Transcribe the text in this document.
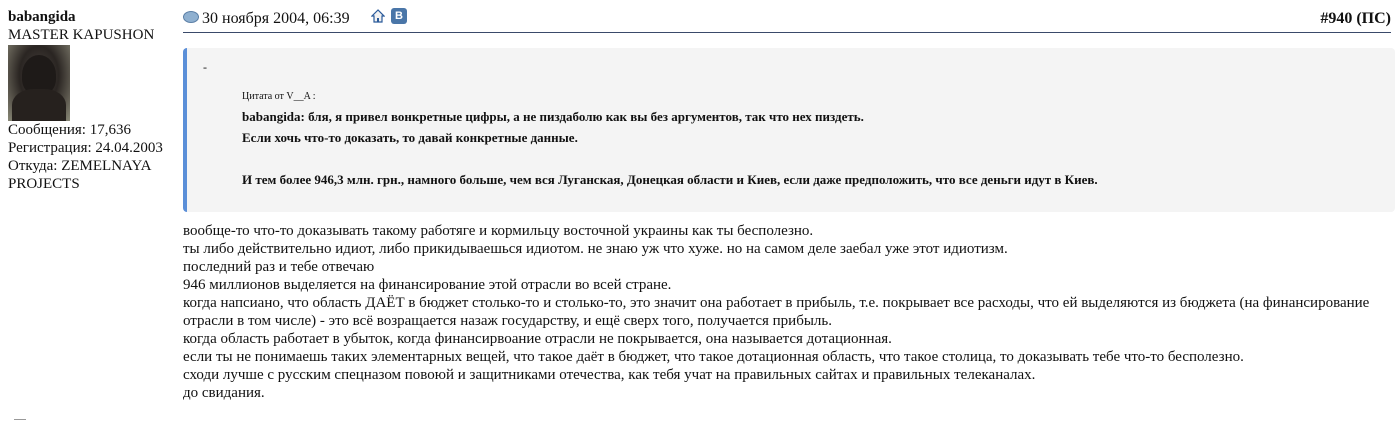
babangida
MASTER KAPUSHON

Сообщения: 17,636

Регистрация: 24.04.2003

Откуда: ZEMELNAYA PROJECTS

30 ноября 2004, 06:39	В	#940 (ПС)
-
Цитата от V__A :

babangida: бля, я привел вонкретные цифры, а не пиздаболю как вы без аргументов, так что нех пиздеть.

Если хочь что-то доказать, то давай конкретные данные.

И тем более 946,3 млн. грн., намного больше, чем вся Луганская, Донецкая области и Киев, если даже предположить, что все деньги идут в Киев.

вообще-то что-то доказывать такому работяге и кормильцу восточной украины как ты бесполезно.

ты либо действительно идиот, либо прикидываешься идиотом. не знаю уж что хуже. но на самом деле заебал уже этот идиотизм.

последний раз и тебе отвечаю

946 миллионов выделяется на финансирование этой отрасли во всей стране.

когда напсиано, что область ДАЁТ в бюджет столько-то и столько-то, это значит она работает в прибыль, т.е. покрывает все расходы, что ей выделяются из бюджета (на финансирование отрасли в том числе) - это всё возращается назаж государству, и ещё сверх того, получается прибыль.

когда область работает в убыток, когда финансирвоание отрасли не покрывается, она называется дотационная.

если ты не понимаешь таких элементарных вещей, что такое даёт в бюджет, что такое дотационная область, что такое столица, то доказывать тебе что-то бесполезно.

сходи лучше с русским спецназом повоюй и защитниками отечества, как тебя учат на правильных сайтах и правильных телеканалах.

до свидания.
